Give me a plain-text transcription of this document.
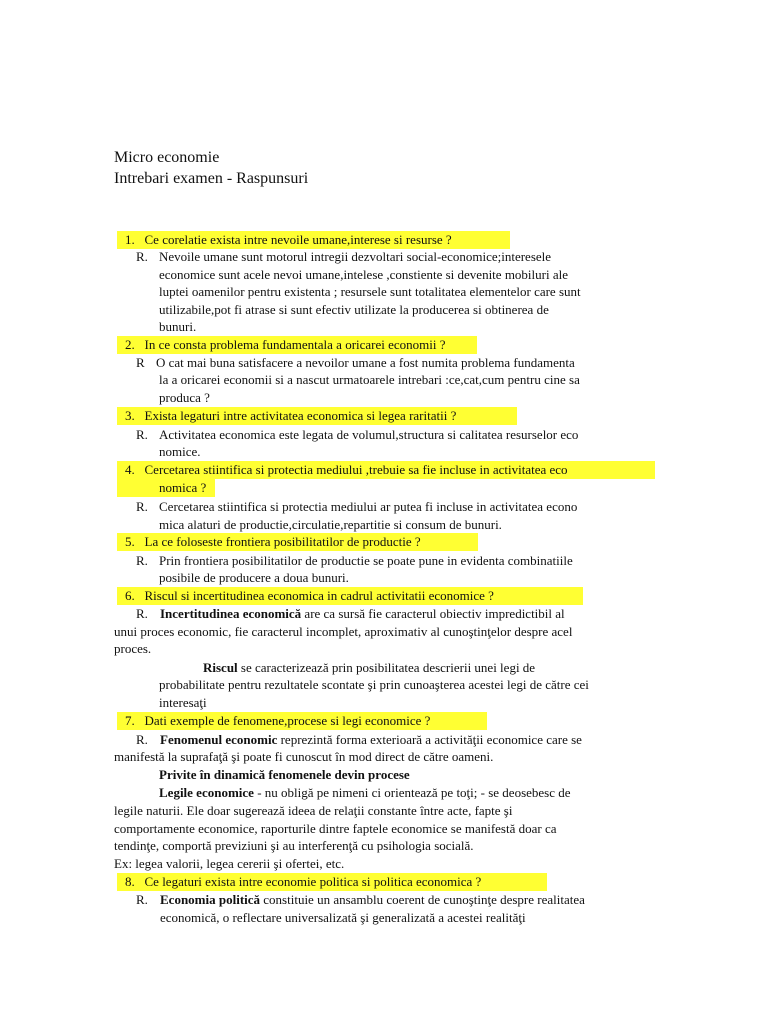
Micro economie
Intrebari examen - Raspunsuri
1. Ce corelatie exista intre nevoile umane,interese si resurse ?
R. Nevoile umane sunt motorul intregii dezvoltari social-economice;interesele
economice sunt acele nevoi umane,intelese ,constiente si devenite mobiluri ale
luptei oamenilor pentru existenta ; resursele sunt totalitatea elementelor care sunt
utilizabile,pot fi atrase si sunt efectiv utilizate la producerea si obtinerea de
bunuri.
2. In ce consta problema fundamentala a oricarei economii ?
R O cat mai buna satisfacere a nevoilor umane a fost numita problema fundamenta
la a oricarei economii si a nascut urmatoarele intrebari :ce,cat,cum pentru cine sa
produca ?
3. Exista legaturi intre activitatea economica si legea raritatii ?
R. Activitatea economica este legata de volumul,structura si calitatea resurselor eco
nomice.
4. Cercetarea stiintifica si protectia mediului ,trebuie sa fie incluse in activitatea eco
nomica ?
R. Cercetarea stiintifica si protectia mediului ar putea fi incluse in activitatea econo
mica alaturi de productie,circulatie,repartitie si consum de bunuri.
5. La ce foloseste frontiera posibilitatilor de productie ?
R. Prin frontiera posibilitatilor de productie se poate pune in evidenta combinatiile
posibile de producere a doua bunuri.
6. Riscul si incertitudinea economica in cadrul activitatii economice ?
R. Incertitudinea economică are ca sursă fie caracterul obiectiv impredictibil al
unui proces economic, fie caracterul incomplet, aproximativ al cunoştinţelor despre acel
proces.
Riscul se caracterizează prin posibilitatea descrierii unei legi de
probabilitate pentru rezultatele scontate şi prin cunoaşterea acestei legi de către cei
interesaţi
7. Dati exemple de fenomene,procese si legi economice ?
R. Fenomenul economic reprezintă forma exterioară a activităţii economice care se
manifestă la suprafaţă şi poate fi cunoscut în mod direct de către oameni.
Privite în dinamică fenomenele devin procese
Legile economice - nu obligă pe nimeni ci orientează pe toţi; - se deosebesc de
legile naturii. Ele doar sugerează ideea de relaţii constante între acte, fapte şi
comportamente economice, raporturile dintre faptele economice se manifestă doar ca
tendinţe, comportă previziuni şi au interferenţă cu psihologia socială.
Ex: legea valorii, legea cererii şi ofertei, etc.
8. Ce legaturi exista intre economie politica si politica economica ?
R. Economia politică constituie un ansamblu coerent de cunoştinţe despre realitatea
economică, o reflectare universalizată şi generalizată a acestei realităţi
